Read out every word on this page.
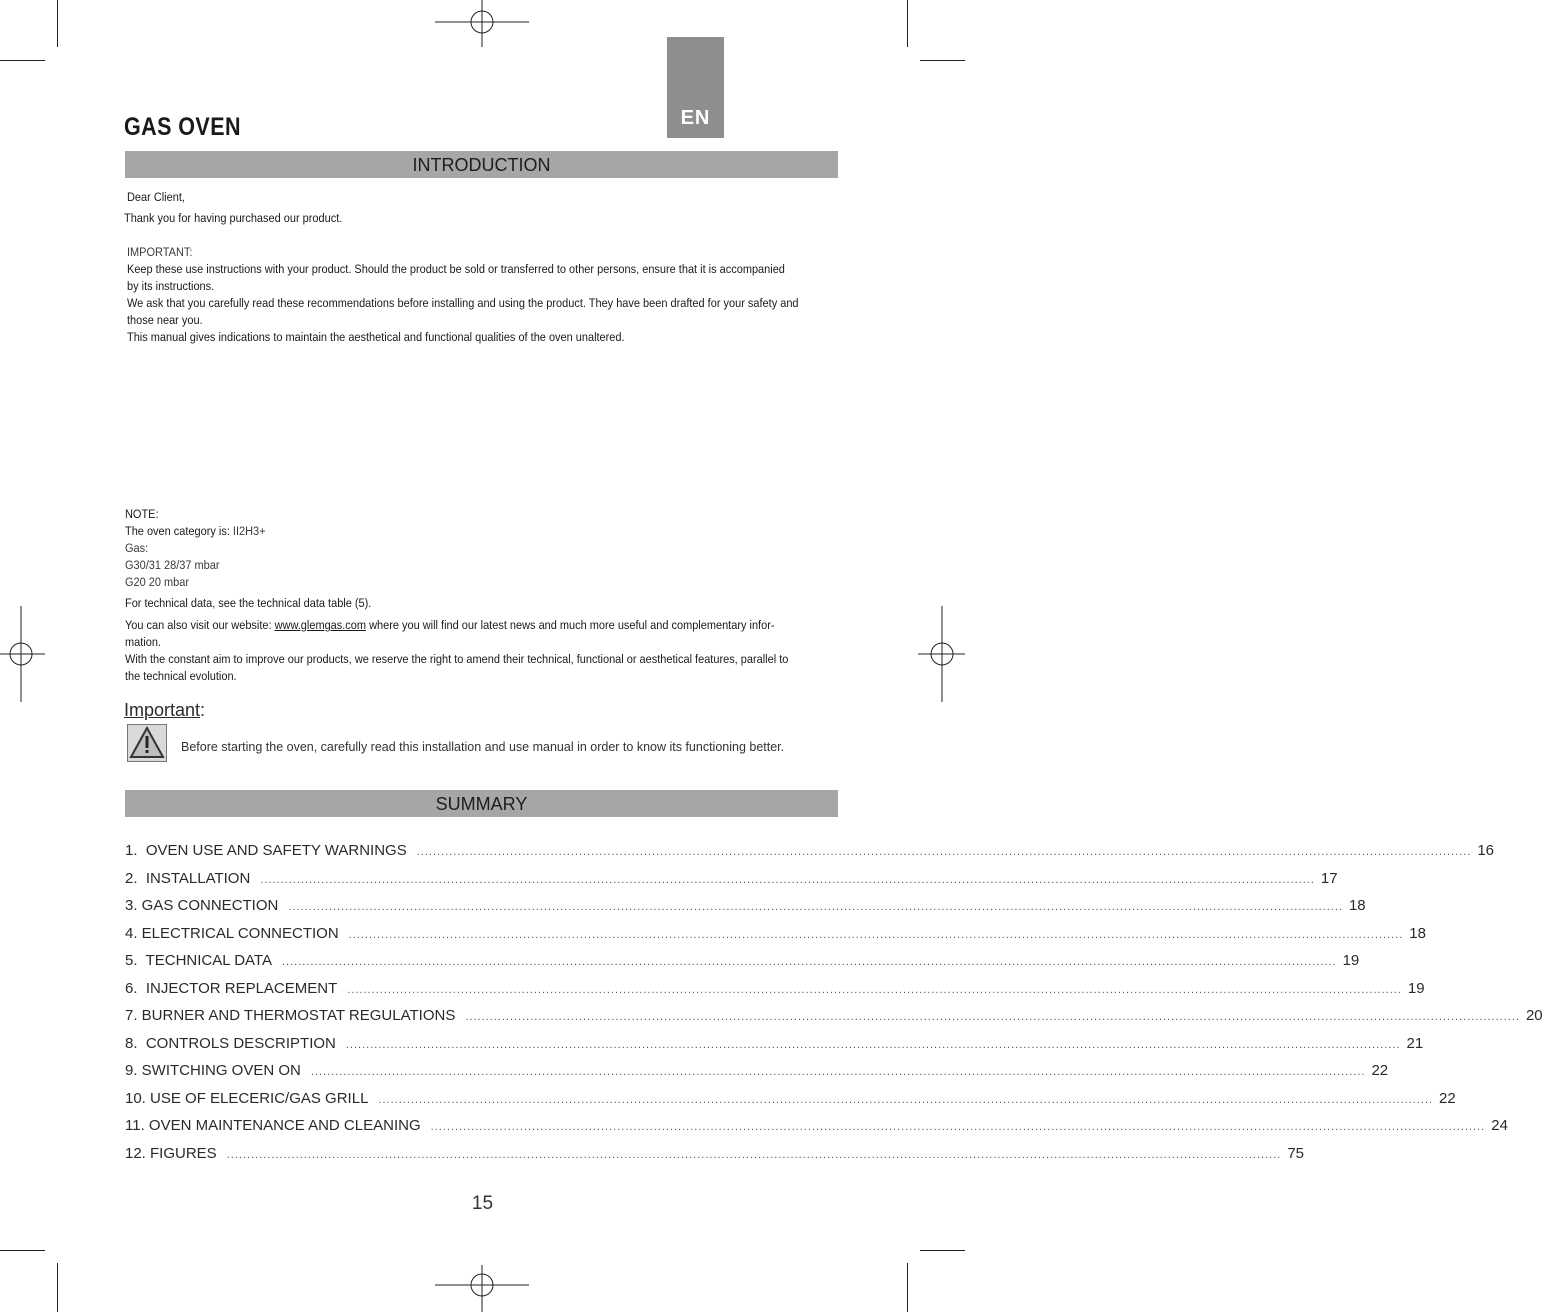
EN
GAS OVEN
INTRODUCTION
Dear Client,
Thank you for having purchased our product.
IMPORTANT:
Keep these use instructions with your product. Should the product be sold or transferred to other persons, ensure that it is accompanied
by its instructions.
We ask that you carefully read these recommendations before installing and using the product. They have been drafted for your safety and
those near you.
This manual gives indications to maintain the aesthetical and functional qualities of the oven unaltered.
NOTE:
The oven category is: II2H3+
Gas:
G30/31 28/37 mbar
G20 20 mbar
For technical data, see the technical data table (5).
You can also visit our website: www.glemgas.com where you will find our latest news and much more useful and complementary infor-
mation.
With the constant aim to improve our products, we reserve the right to amend their technical, functional or aesthetical features, parallel to
the technical evolution.
Important:
Before starting the oven, carefully read this installation and use manual in order to know its functioning better.
SUMMARY
1.  OVEN USE AND SAFETY WARNINGS .................................................................................................................................................................................................................................................................... 16
2.  INSTALLATION .................................................................................................................................................................................................................................................................... 17
3. GAS CONNECTION .................................................................................................................................................................................................................................................................... 18
4. ELECTRICAL CONNECTION .................................................................................................................................................................................................................................................................... 18
5.  TECHNICAL DATA .................................................................................................................................................................................................................................................................... 19
6.  INJECTOR REPLACEMENT .................................................................................................................................................................................................................................................................... 19
7. BURNER AND THERMOSTAT REGULATIONS .................................................................................................................................................................................................................................................................... 20
8.  CONTROLS DESCRIPTION .................................................................................................................................................................................................................................................................... 21
9. SWITCHING OVEN ON .................................................................................................................................................................................................................................................................... 22
10. USE OF ELECERIC/GAS GRILL .................................................................................................................................................................................................................................................................... 22
11. OVEN MAINTENANCE AND CLEANING .................................................................................................................................................................................................................................................................... 24
12. FIGURES .................................................................................................................................................................................................................................................................... 75
15
